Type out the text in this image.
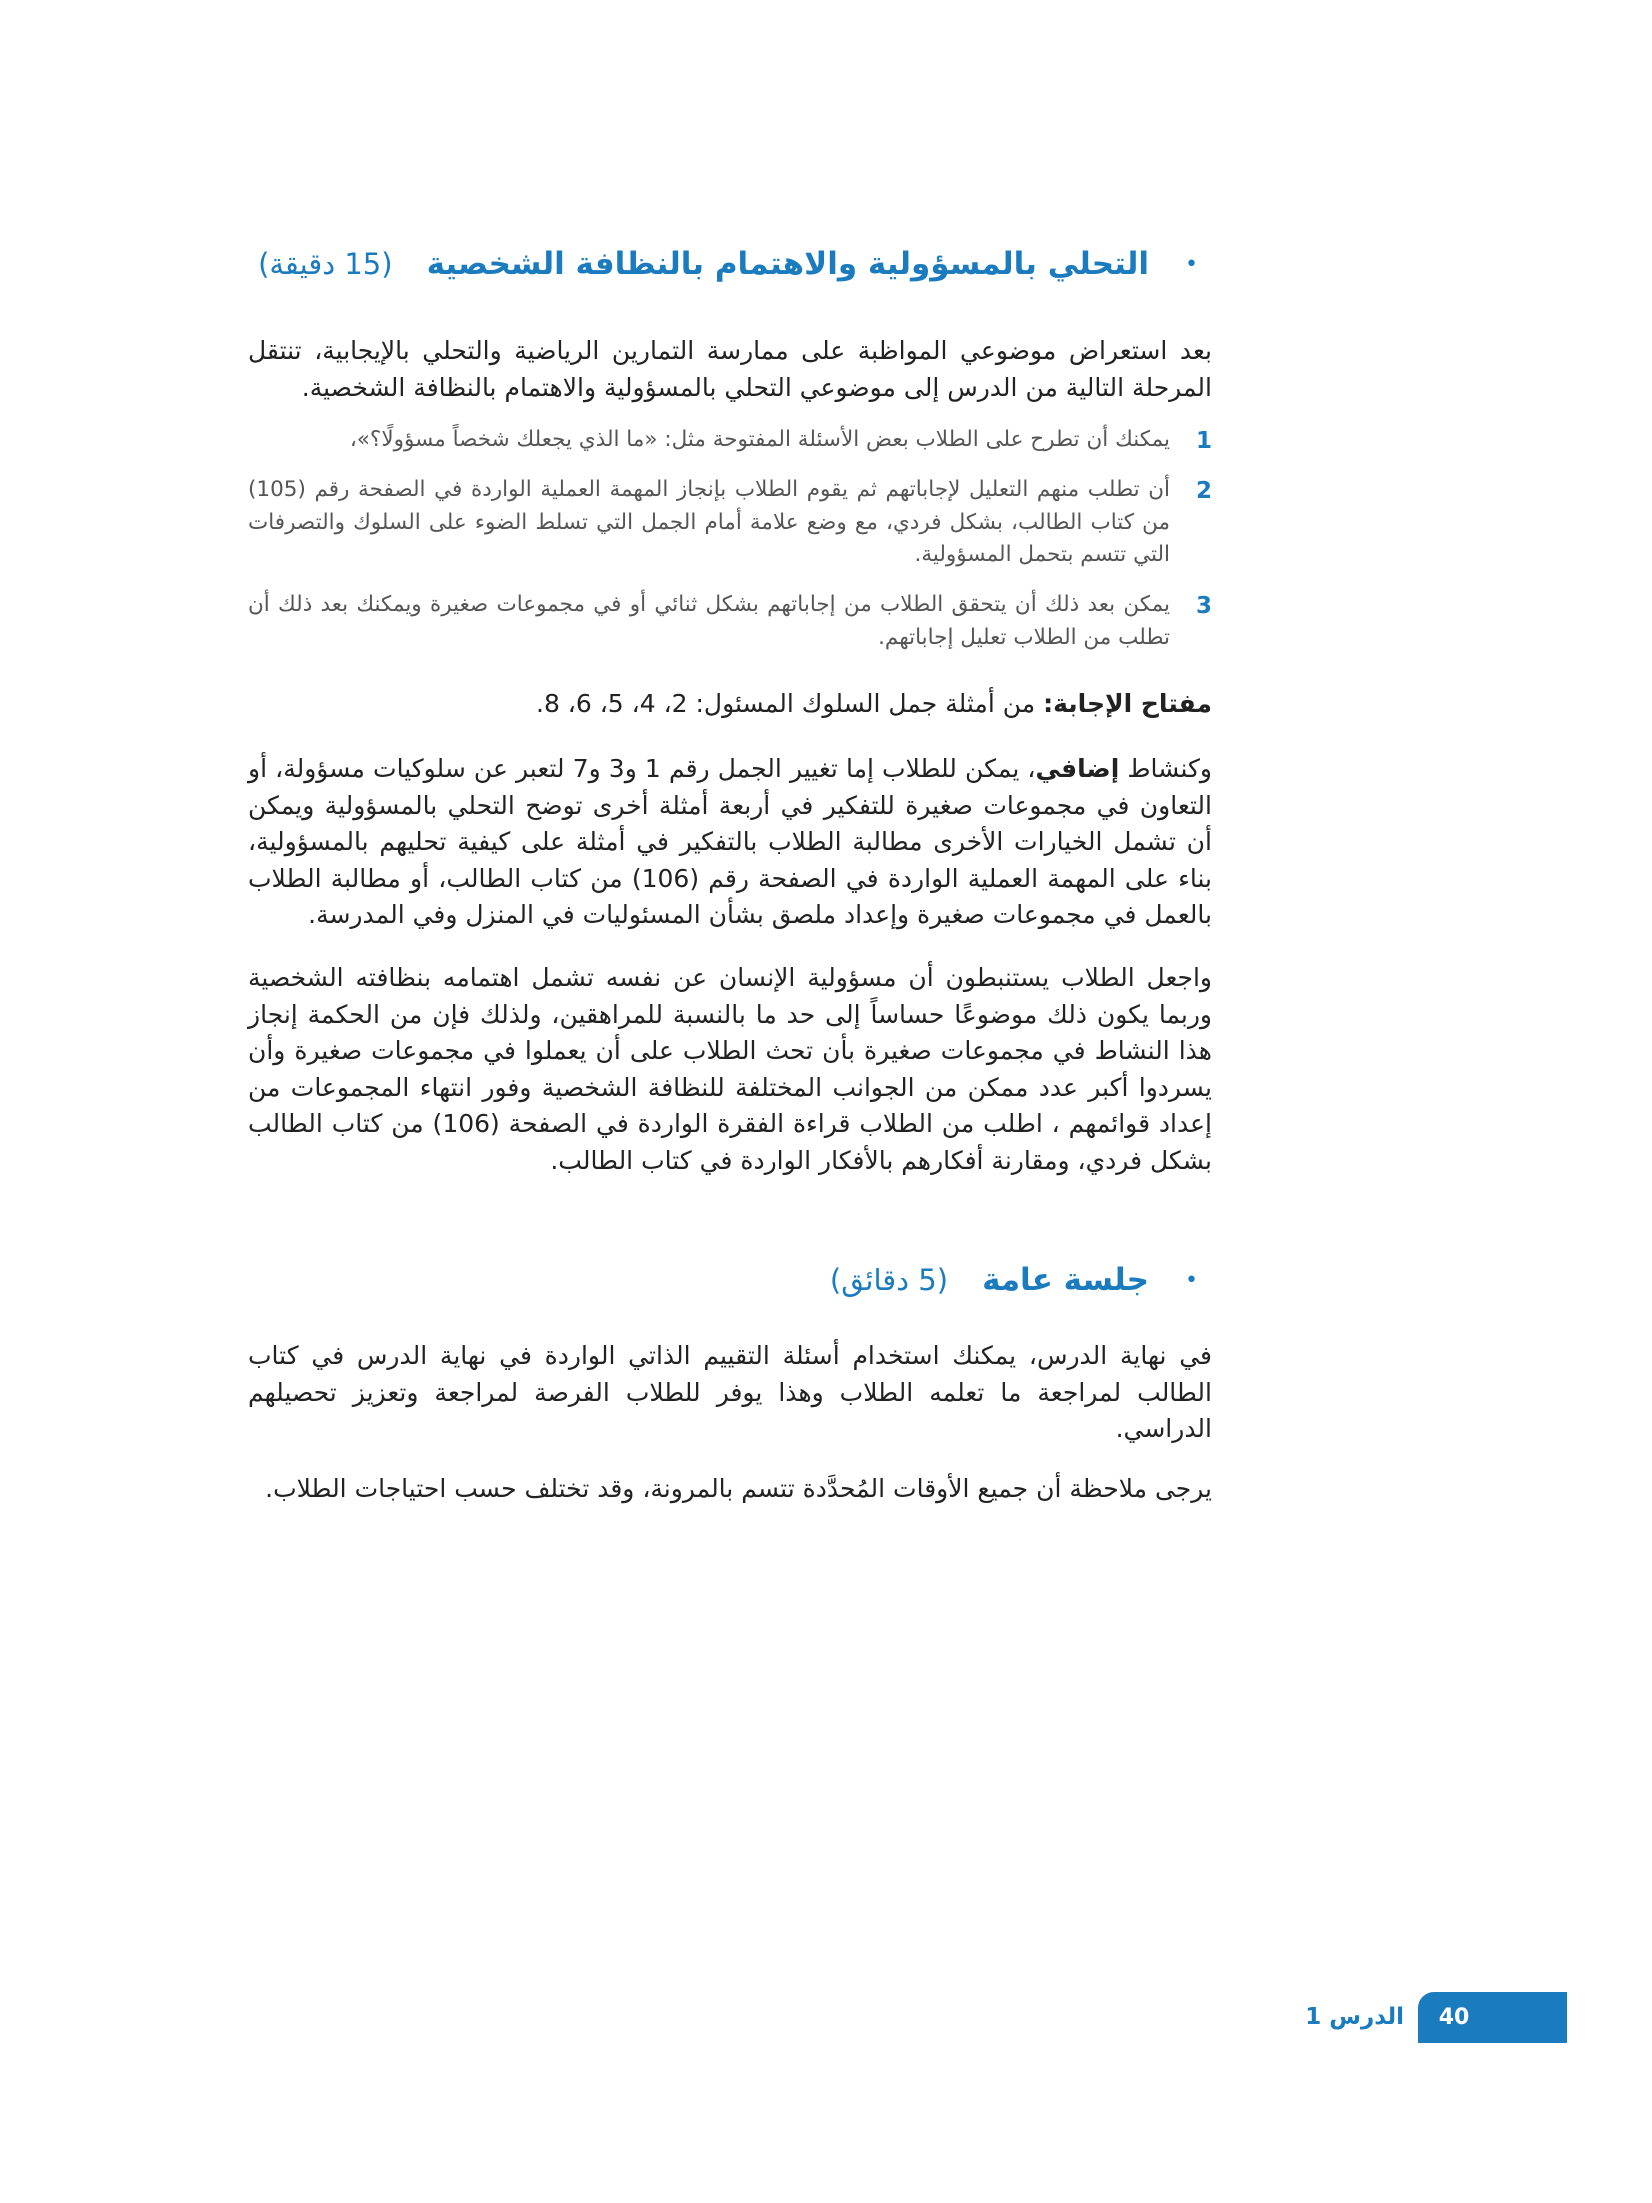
•
التحلي بالمسؤولية والاهتمام بالنظافة الشخصية
(15 دقيقة)
بعد استعراض موضوعي المواظبة على ممارسة التمارين الرياضية والتحلي بالإيجابية، تنتقل المرحلة التالية من الدرس إلى موضوعي التحلي بالمسؤولية والاهتمام بالنظافة الشخصية.
1
يمكنك أن تطرح على الطلاب بعض الأسئلة المفتوحة مثل: «ما الذي يجعلك شخصاً مسؤولًا؟»،
2
أن تطلب منهم التعليل لإجاباتهم ثم يقوم الطلاب بإنجاز المهمة العملية الواردة في الصفحة رقم (105) من كتاب الطالب، بشكل فردي، مع وضع علامة أمام الجمل التي تسلط الضوء على السلوك والتصرفات التي تتسم بتحمل المسؤولية.
3
يمكن بعد ذلك أن يتحقق الطلاب من إجاباتهم بشكل ثنائي أو في مجموعات صغيرة ويمكنك بعد ذلك أن تطلب من الطلاب تعليل إجاباتهم.
مفتاح الإجابة: من أمثلة جمل السلوك المسئول: 2، 4، 5، 6، 8.
وكنشاط إضافي، يمكن للطلاب إما تغيير الجمل رقم 1 و3 و7 لتعبر عن سلوكيات مسؤولة، أو التعاون في مجموعات صغيرة للتفكير في أربعة أمثلة أخرى توضح التحلي بالمسؤولية ويمكن أن تشمل الخيارات الأخرى مطالبة الطلاب بالتفكير في أمثلة على كيفية تحليهم بالمسؤولية، بناء على المهمة العملية الواردة في الصفحة رقم (106) من كتاب الطالب، أو مطالبة الطلاب بالعمل في مجموعات صغيرة وإعداد ملصق بشأن المسئوليات في المنزل وفي المدرسة.
واجعل الطلاب يستنبطون أن مسؤولية الإنسان عن نفسه تشمل اهتمامه بنظافته الشخصية وربما يكون ذلك موضوعًا حساساً إلى حد ما بالنسبة للمراهقين، ولذلك فإن من الحكمة إنجاز هذا النشاط في مجموعات صغيرة بأن تحث الطلاب على أن يعملوا في مجموعات صغيرة وأن يسردوا أكبر عدد ممكن من الجوانب المختلفة للنظافة الشخصية وفور انتهاء المجموعات من إعداد قوائمهم ، اطلب من الطلاب قراءة الفقرة الواردة في الصفحة (106) من كتاب الطالب بشكل فردي، ومقارنة أفكارهم بالأفكار الواردة في كتاب الطالب.
•
جلسة عامة
(5 دقائق)
في نهاية الدرس، يمكنك استخدام أسئلة التقييم الذاتي الواردة في نهاية الدرس في كتاب الطالب لمراجعة ما تعلمه الطلاب وهذا يوفر للطلاب الفرصة لمراجعة وتعزيز تحصيلهم الدراسي.
يرجى ملاحظة أن جميع الأوقات المُحدَّدة تتسم بالمرونة، وقد تختلف حسب احتياجات الطلاب.
الدرس 1	40
